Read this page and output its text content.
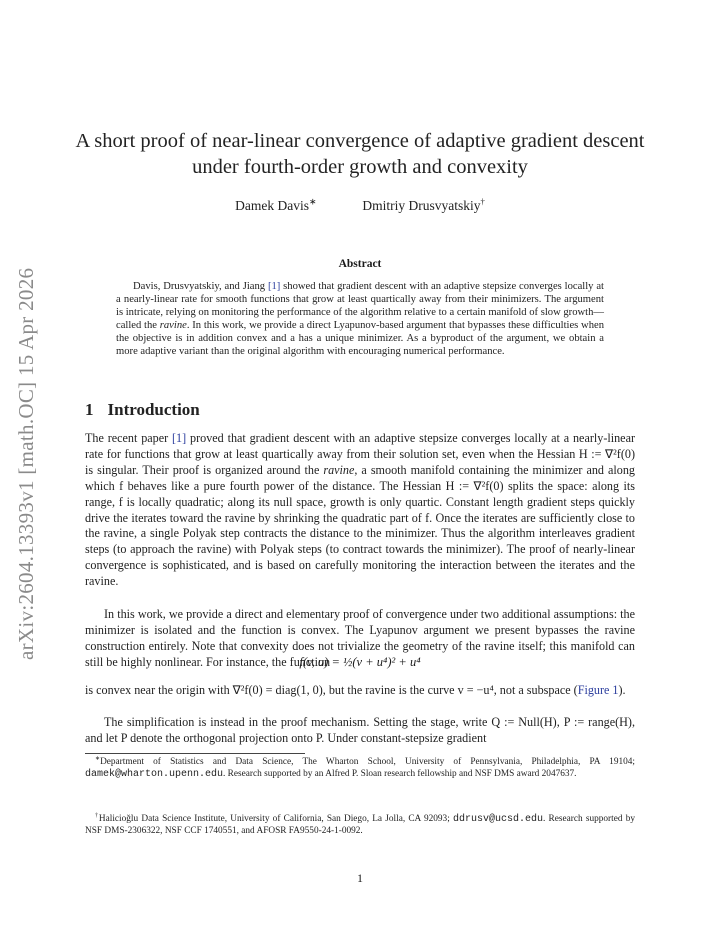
arXiv:2604.13393v1 [math.OC] 15 Apr 2026
A short proof of near-linear convergence of adaptive gradient descent under fourth-order growth and convexity
Damek Davis∗	Dmitriy Drusvyatskiy†
Abstract

Davis, Drusvyatskiy, and Jiang [1] showed that gradient descent with an adaptive stepsize converges locally at a nearly-linear rate for smooth functions that grow at least quartically away from their minimizers. The argument is intricate, relying on monitoring the performance of the algorithm relative to a certain manifold of slow growth—called the ravine. In this work, we provide a direct Lyapunov-based argument that bypasses these difficulties when the objective is in addition convex and a has a unique minimizer. As a byproduct of the argument, we obtain a more adaptive variant than the original algorithm with encouraging numerical performance.

1 Introduction

The recent paper [1] proved that gradient descent with an adaptive stepsize converges locally at a nearly-linear rate for functions that grow at least quartically away from their solution set, even when the Hessian H := ∇²f(0) is singular. Their proof is organized around the ravine, a smooth manifold containing the minimizer and along which f behaves like a pure fourth power of the distance. The Hessian H := ∇²f(0) splits the space: along its range, f is locally quadratic; along its null space, growth is only quartic. Constant length gradient steps quickly drive the iterates toward the ravine by shrinking the quadratic part of f. Once the iterates are sufficiently close to the ravine, a single Polyak step contracts the distance to the minimizer. Thus the algorithm interleaves gradient steps (to approach the ravine) with Polyak steps (to contract towards the minimizer). The proof of nearly-linear convergence is sophisticated, and is based on carefully monitoring the interaction between the iterates and the ravine.

In this work, we provide a direct and elementary proof of convergence under two additional assumptions: the minimizer is isolated and the function is convex. The Lyapunov argument we present bypasses the ravine construction entirely. Note that convexity does not trivialize the geometry of the ravine itself; this manifold can still be highly nonlinear. For instance, the function

f(v, u) = ½(v + u⁴)² + u⁴

is convex near the origin with ∇²f(0) = diag(1, 0), but the ravine is the curve v = −u⁴, not a subspace (Figure 1).

The simplification is instead in the proof mechanism. Setting the stage, write Q := Null(H), P := range(H), and let P denote the orthogonal projection onto P. Under constant-stepsize gradient

∗Department of Statistics and Data Science, The Wharton School, University of Pennsylvania, Philadelphia, PA 19104; damek@wharton.upenn.edu. Research supported by an Alfred P. Sloan research fellowship and NSF DMS award 2047637.

†Halicioğlu Data Science Institute, University of California, San Diego, La Jolla, CA 92093; ddrusv@ucsd.edu. Research supported by NSF DMS-2306322, NSF CCF 1740551, and AFOSR FA9550-24-1-0092.

1
